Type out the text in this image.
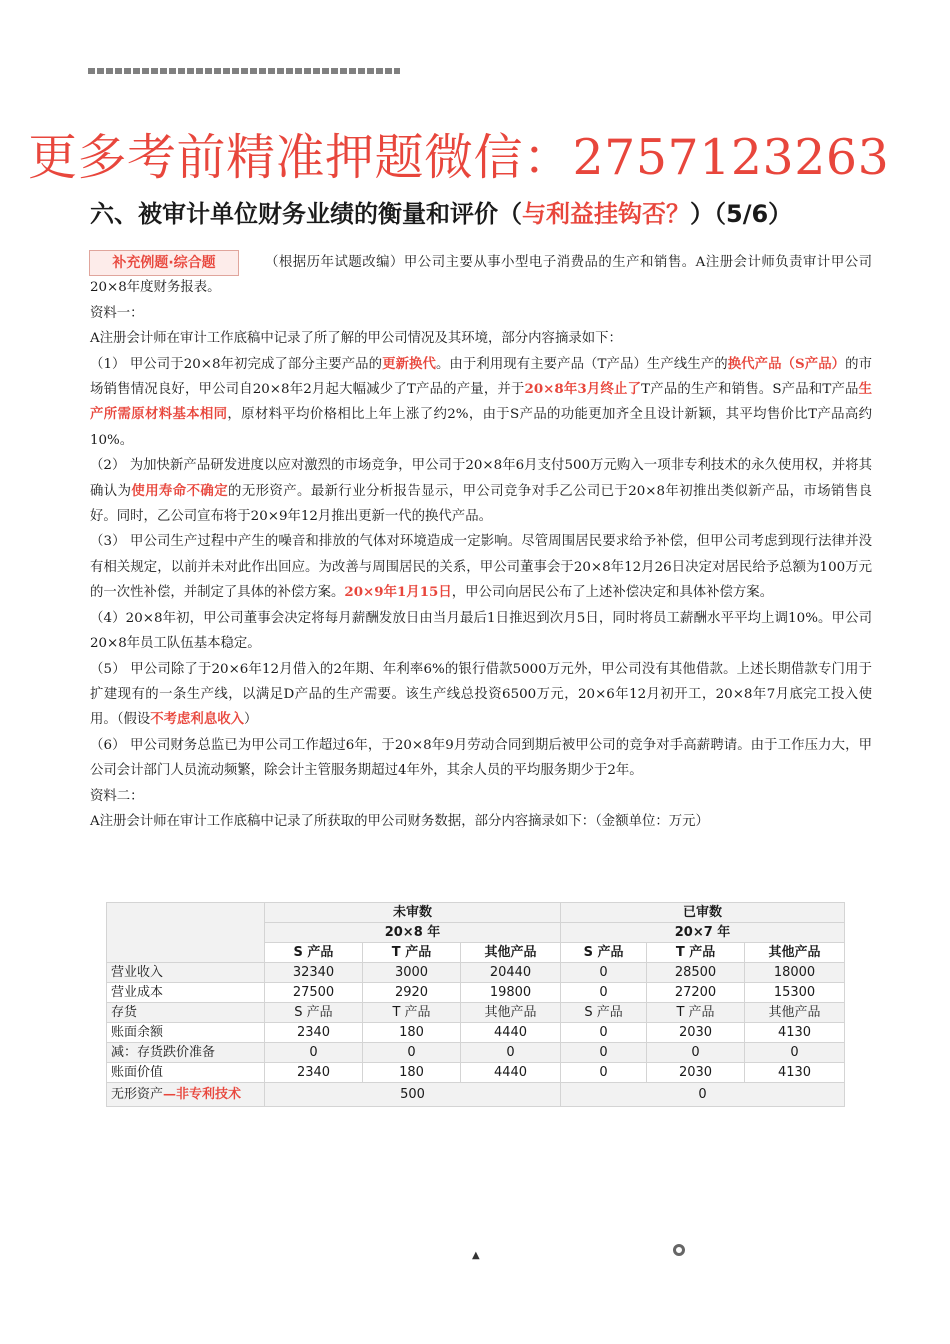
更多考前精准押题微信：2757123263
六、被审计单位财务业绩的衡量和评价（与利益挂钩否？）（5/6）
补充例题·综合题	（根据历年试题改编）甲公司主要从事小型电子消费品的生产和销售。A注册会计师负责审计甲公司20×8年度财务报表。

资料一：

A注册会计师在审计工作底稿中记录了所了解的甲公司情况及其环境，部分内容摘录如下：

（1） 甲公司于20×8年初完成了部分主要产品的更新换代。由于利用现有主要产品（T产品）生产线生产的换代产品（S产品）的市场销售情况良好，甲公司自20×8年2月起大幅减少了T产品的产量，并于20×8年3月终止了T产品的生产和销售。S产品和T产品生产所需原材料基本相同，原材料平均价格相比上年上涨了约2%，由于S产品的功能更加齐全且设计新颖，其平均售价比T产品高约10%。

（2） 为加快新产品研发进度以应对激烈的市场竞争，甲公司于20×8年6月支付500万元购入一项非专利技术的永久使用权，并将其确认为使用寿命不确定的无形资产。最新行业分析报告显示，甲公司竞争对手乙公司已于20×8年初推出类似新产品，市场销售良好。同时，乙公司宣布将于20×9年12月推出更新一代的换代产品。

（3） 甲公司生产过程中产生的噪音和排放的气体对环境造成一定影响。尽管周围居民要求给予补偿，但甲公司考虑到现行法律并没有相关规定，以前并未对此作出回应。为改善与周围居民的关系，甲公司董事会于20×8年12月26日决定对居民给予总额为100万元的一次性补偿，并制定了具体的补偿方案。20×9年1月15日，甲公司向居民公布了上述补偿决定和具体补偿方案。

（4）20×8年初，甲公司董事会决定将每月薪酬发放日由当月最后1日推迟到次月5日，同时将员工薪酬水平平均上调10%。甲公司20×8年员工队伍基本稳定。

（5） 甲公司除了于20×6年12月借入的2年期、年利率6%的银行借款5000万元外，甲公司没有其他借款。上述长期借款专门用于扩建现有的一条生产线，以满足D产品的生产需要。该生产线总投资6500万元，20×6年12月初开工，20×8年7月底完工投入使用。（假设不考虑利息收入）

（6） 甲公司财务总监已为甲公司工作超过6年，于20×8年9月劳动合同到期后被甲公司的竞争对手高薪聘请。由于工作压力大，甲公司会计部门人员流动频繁，除会计主管服务期超过4年外，其余人员的平均服务期少于2年。

资料二：

A注册会计师在审计工作底稿中记录了所获取的甲公司财务数据，部分内容摘录如下：（金额单位：万元）

	未审数			已审数		
	20×8 年			20×7 年		
	S 产品	T 产品	其他产品	S 产品	T 产品	其他产品
营业收入	32340	3000	20440	0	28500	18000
营业成本	27500	2920	19800	0	27200	15300
存货	S 产品	T 产品	其他产品	S 产品	T 产品	其他产品
账面余额	2340	180	4440	0	2030	4130
减：存货跌价准备	0	0	0	0	0	0
账面价值	2340	180	4440	0	2030	4130
无形资产—非专利技术	500			0		
▲
